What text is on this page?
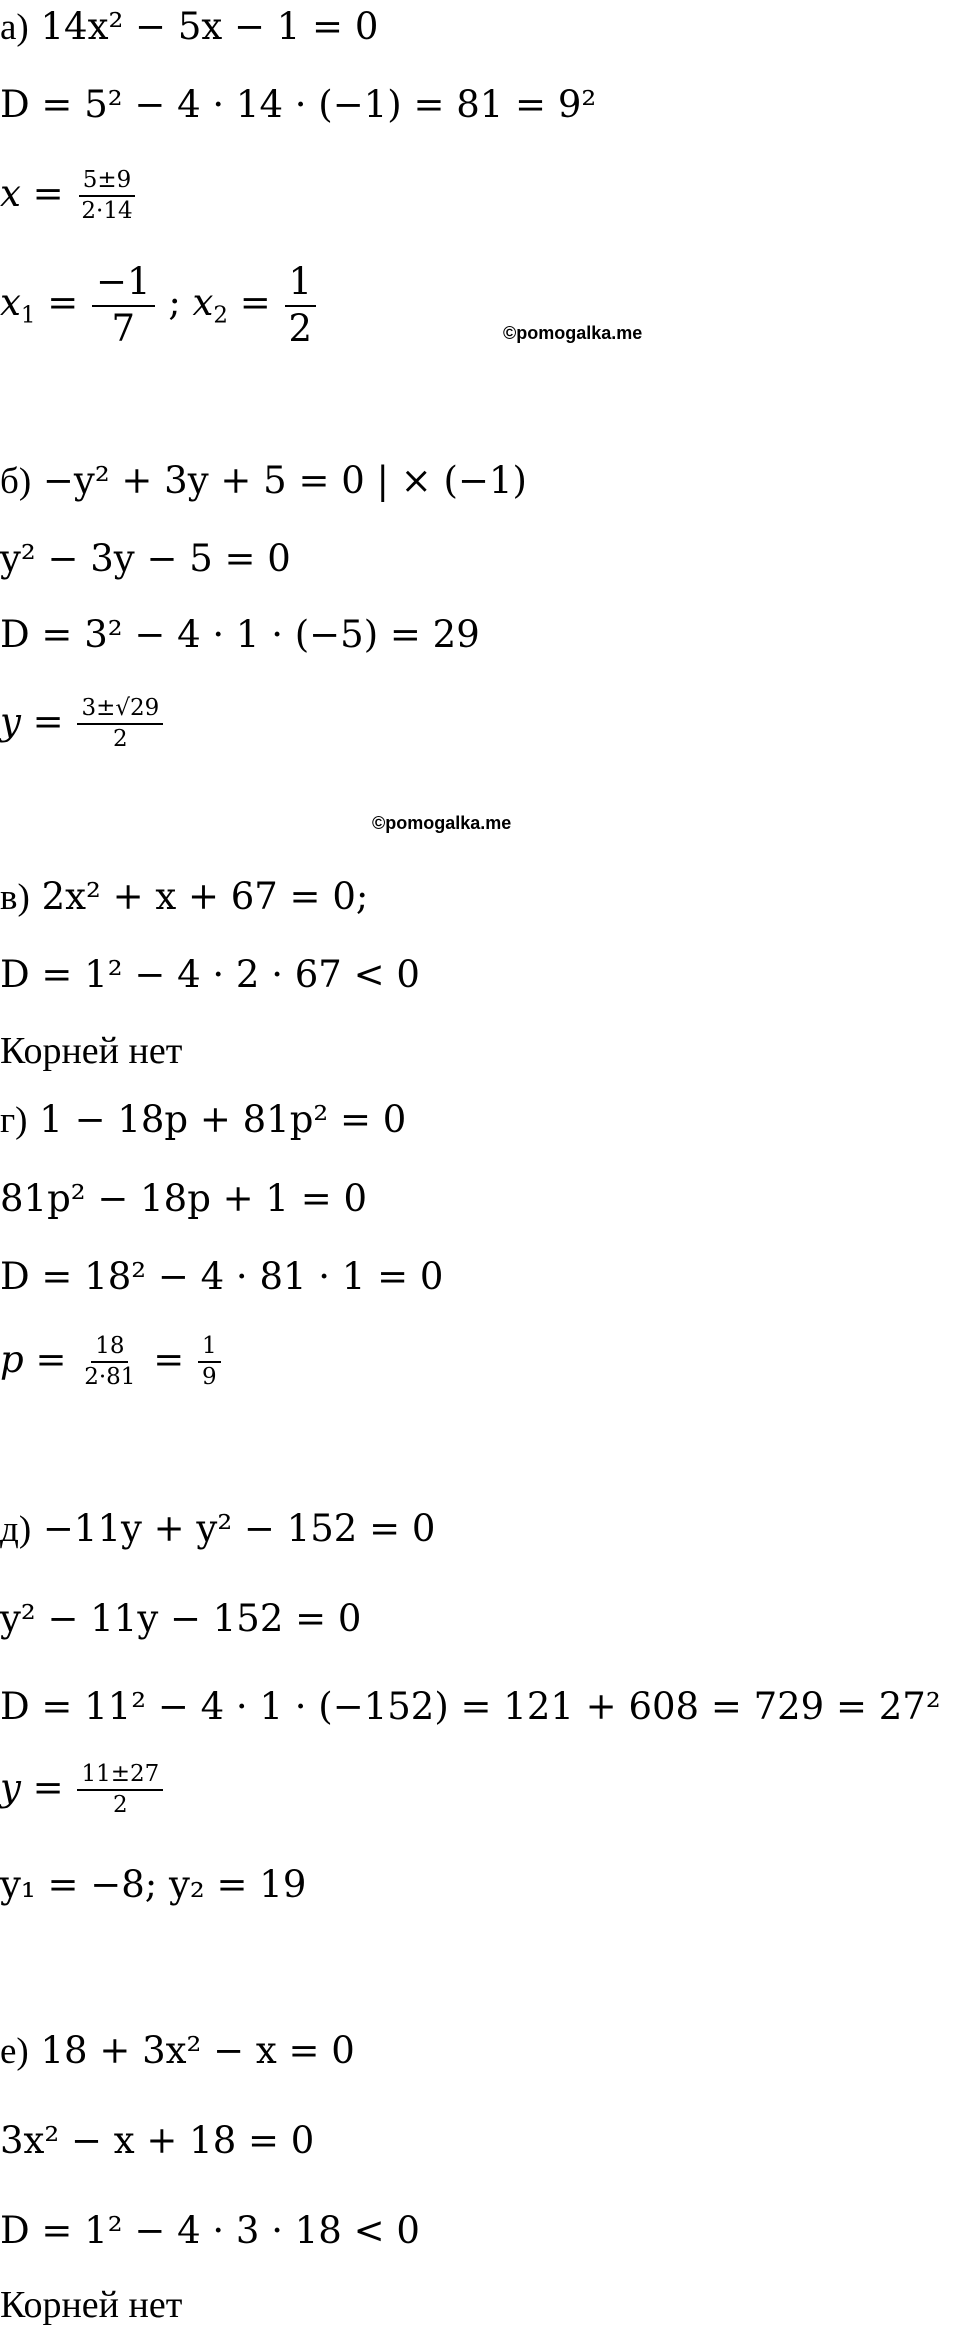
а) 14x² − 5x − 1 = 0
D = 5² − 4 · 14 · (−1) = 81 = 9²
$x = \frac{5\pm 9}{2\cdot 14}$
$x_1 = \frac{-1}{7}$ ; $x_2 = \frac{1}{2}$	©pomogalka.me
б) −y² + 3y + 5 = 0 | × (−1)
y² − 3y − 5 = 0
D = 3² − 4 · 1 · (−5) = 29
$y = \frac{3\pm√29}{2}$
©pomogalka.me
в) 2x² + x + 67 = 0;
D = 1² − 4 · 2 · 67 < 0
Корней нет
г) 1 − 18p + 81p² = 0
81p² − 18p + 1 = 0
D = 18² − 4 · 81 · 1 = 0
$p = \frac{18}{2\cdot 81} = \frac{1}{9}$
д) −11y + y² − 152 = 0
y² − 11y − 152 = 0
D = 11² − 4 · 1 · (−152) = 121 + 608 = 729 = 27²
$y = \frac{11\pm 27}{2}$
y₁ = −8; y₂ = 19
е) 18 + 3x² − x = 0
3x² − x + 18 = 0
D = 1² − 4 · 3 · 18 < 0
Корней нет
